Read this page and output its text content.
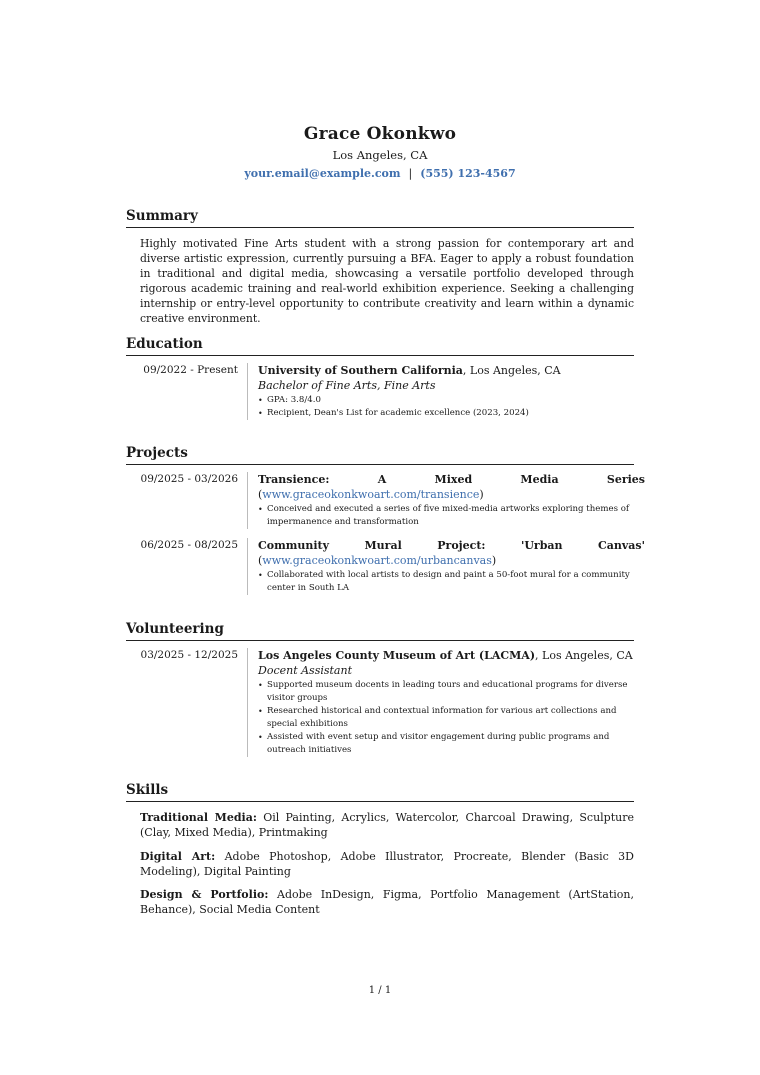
Grace Okonkwo
Los Angeles, CA
your.email@example.com | (555) 123-4567
Summary
Highly motivated Fine Arts student with a strong passion for contemporary art and diverse artistic expression, currently pursuing a BFA. Eager to apply a robust foundation in traditional and digital media, showcasing a versatile portfolio developed through rigorous academic training and real-world exhibition experience. Seeking a challenging internship or entry-level opportunity to contribute creativity and learn within a dynamic creative environment.
Education
09/2022 - Present University of Southern California, Los Angeles, CA
Bachelor of Fine Arts, Fine Arts
• GPA: 3.8/4.0
• Recipient, Dean's List for academic excellence (2023, 2024)
Projects
09/2025 - 03/2026 Transience: A Mixed Media Series (www.graceokonkwoart.com/transience)
• Conceived and executed a series of five mixed-media artworks exploring themes of impermanence and transformation
06/2025 - 08/2025 Community Mural Project: 'Urban Canvas' (www.graceokonkwoart.com/urbancanvas)
• Collaborated with local artists to design and paint a 50-foot mural for a community center in South LA
Volunteering
03/2025 - 12/2025 Los Angeles County Museum of Art (LACMA), Los Angeles, CA
Docent Assistant
• Supported museum docents in leading tours and educational programs for diverse visitor groups
• Researched historical and contextual information for various art collections and special exhibitions
• Assisted with event setup and visitor engagement during public programs and outreach initiatives
Skills
Traditional Media: Oil Painting, Acrylics, Watercolor, Charcoal Drawing, Sculpture (Clay, Mixed Media), Printmaking
Digital Art: Adobe Photoshop, Adobe Illustrator, Procreate, Blender (Basic 3D Modeling), Digital Painting
Design & Portfolio: Adobe InDesign, Figma, Portfolio Management (ArtStation, Behance), Social Media Content
1 / 1
